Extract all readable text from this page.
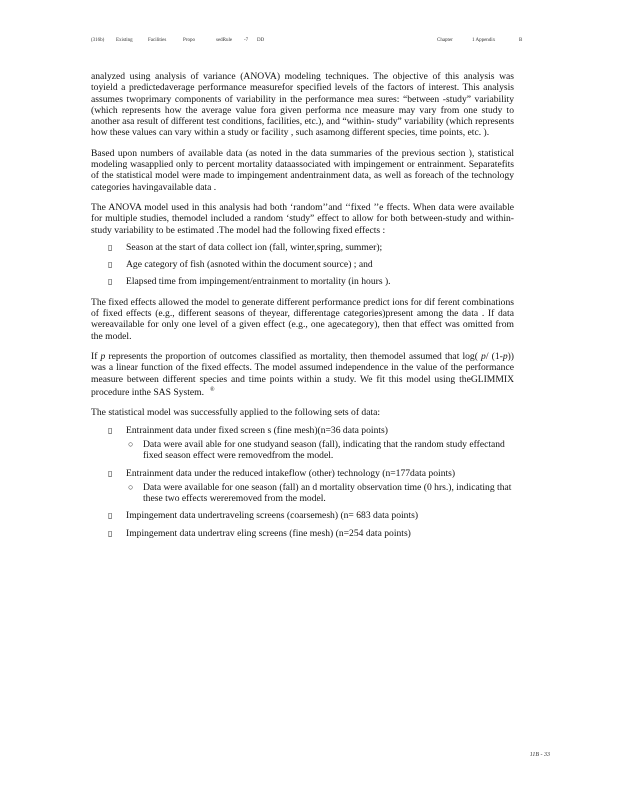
(316b) Existing	Facilities	Propo	sedRule -7 DD	Chapter	1 Appendix	B

analyzed using analysis of variance (ANOVA) modeling techniques. The objective of this analysis was toyield a predictedaverage performance measurefor specified levels of the factors of interest. This analysis assumes twoprimary components of variability in the performance mea sures: “between -study” variability (which represents how the average value fora given performa nce measure may vary from one study to another asa result of different test conditions, facilities, etc.), and “within- study” variability (which represents how these values can vary within a study or facility , such asamong different species, time points, etc. ).

Based upon numbers of available data (as noted in the data summaries of the previous section ), statistical modeling wasapplied only to percent mortality dataassociated with impingement or entrainment. Separatefits of the statistical model were made to impingement andentrainment data, as well as foreach of the technology categories havingavailable data .

The ANOVA model used in this analysis had both ‘random’’and ‘‘fixed ’’e ffects. When data were available for multiple studies, themodel included a random ‘study” effect to allow for both between-study and within- study variability to be estimated .The model had the following fixed effects :

▯ Season at the start of data collect ion (fall, winter,spring, summer);
▯ Age category of fish (asnoted within the document source) ; and
▯ Elapsed time from impingement/entrainment to mortality (in hours ).

The fixed effects allowed the model to generate different performance predict ions for dif ferent combinations of fixed effects (e.g., different seasons of theyear, differentage categories)present among the data . If data wereavailable for only one level of a given effect (e.g., one agecategory), then that effect was omitted from the model.

If p represents the proportion of outcomes classified as mortality, then themodel assumed that log( p/ (1-p)) was a linear function of the fixed effects. The model assumed independence in the value of the performance measure between different species and time points within a study. We fit this model using theGLIMMIX procedure inthe SAS System. ®

The statistical model was successfully applied to the following sets of data:

▯ Entrainment data under fixed screen s (fine mesh)(n=36 data points)
○ Data were avail able for one studyand season (fall), indicating that the random study effectand fixed season effect were removedfrom the model.
▯ Entrainment data under the reduced intakeflow (other) technology (n=177data points)
○ Data were available for one season (fall) an d mortality observation time (0 hrs.), indicating that these two effects wereremoved from the model.
▯ Impingement data undertraveling screens (coarsemesh) (n= 683 data points)
▯ Impingement data undertrav eling screens (fine mesh) (n=254 data points)
11B - 33
